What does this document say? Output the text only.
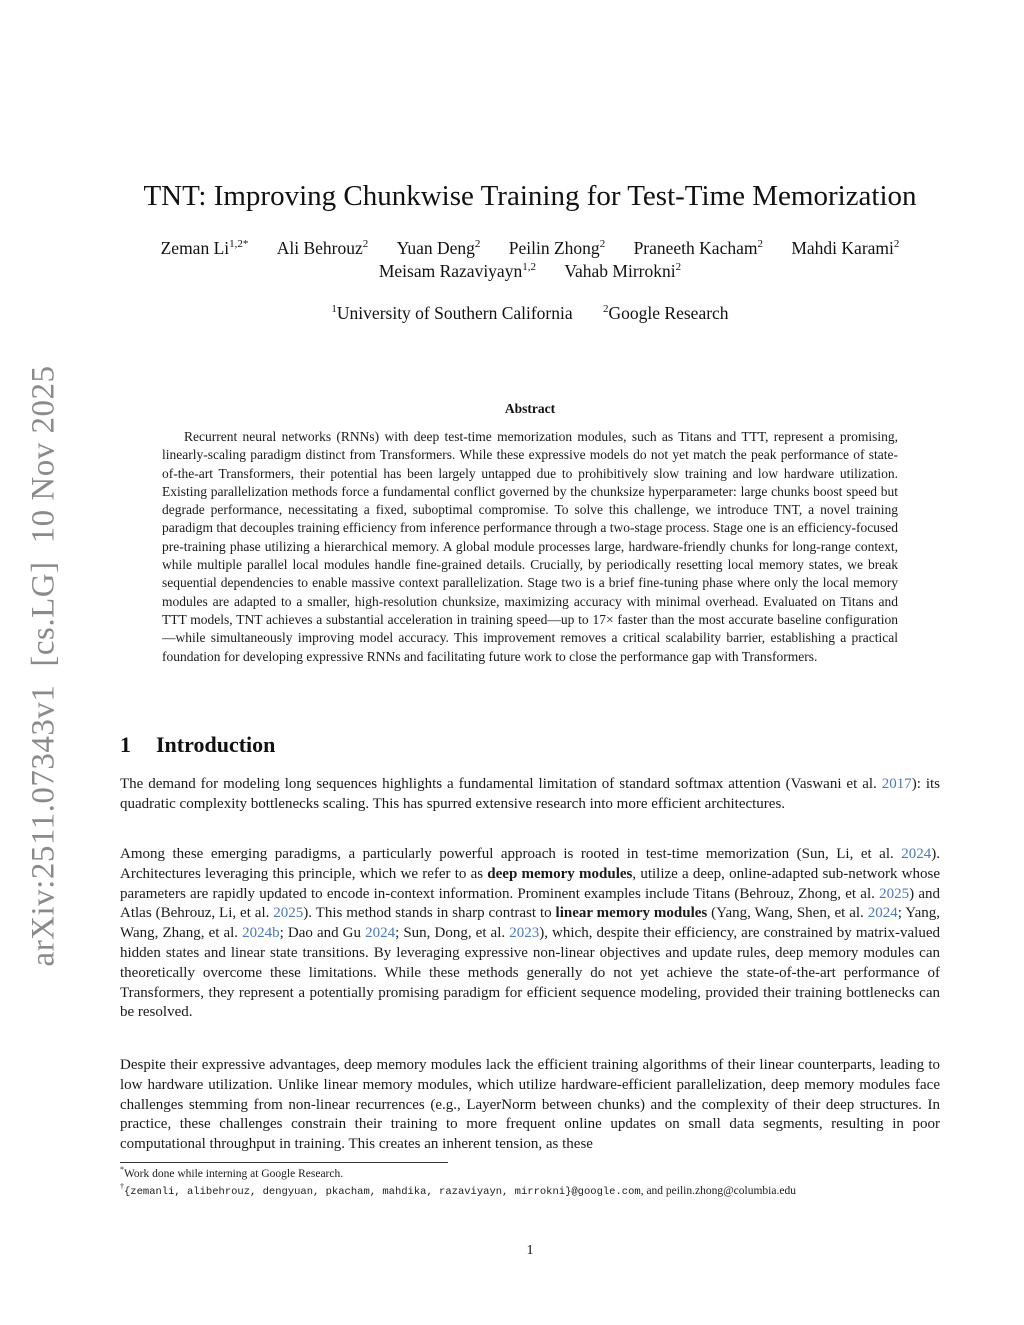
arXiv:2511.07343v1[cs.LG]10 Nov 2025
TNT: Improving Chunkwise Training for Test-Time Memorization
Zeman $Li^{1,2*}$ Ali Behrouz$^2$ Yuan Deng$^2$ Peilin Zhong$^2$ Praneeth Kacham$^2$ Mahdi Karami$^2$
Meisam Razaviyayn$^{1,2}$ Vahab Mirrokni$^2$
$^1$University of Southern California	$^2$Google Research
Abstract
Recurrent neural networks (RNNs) with deep test-time memorization modules, such as Titans and TTT, represent a promising, linearly-scaling paradigm distinct from Transformers. While these expressive models do not yet match the peak performance of state-of-the-art Transformers, their potential has been largely untapped due to prohibitively slow training and low hardware utilization. Existing parallelization methods force a fundamental conflict governed by the chunksize hyperparameter: large chunks boost speed but degrade performance, necessitating a fixed, suboptimal compromise. To solve this challenge, we introduce TNT, a novel training paradigm that decouples training efficiency from inference performance through a two-stage process. Stage one is an efficiency-focused pre-training phase utilizing a hierarchical memory. A global module processes large, hardware-friendly chunks for long-range context, while multiple parallel local modules handle fine-grained details. Crucially, by periodically resetting local memory states, we break sequential dependencies to enable massive context parallelization. Stage two is a brief fine-tuning phase where only the local memory modules are adapted to a smaller, high-resolution chunksize, maximizing accuracy with minimal overhead. Evaluated on Titans and TTT models, TNT achieves a substantial acceleration in training speed—up to 17× faster than the most accurate baseline configuration—while simultaneously improving model accuracy. This improvement removes a critical scalability barrier, establishing a practical foundation for developing expressive RNNs and facilitating future work to close the performance gap with Transformers.
1 Introduction

The demand for modeling long sequences highlights a fundamental limitation of standard softmax attention (Vaswani et al. 2017): its quadratic complexity bottlenecks scaling. This has spurred extensive research into more efficient architectures.

Among these emerging paradigms, a particularly powerful approach is rooted in test-time memorization (Sun, Li, et al. 2024). Architectures leveraging this principle, which we refer to as deep memory modules, utilize a deep, online-adapted sub-network whose parameters are rapidly updated to encode in-context information. Prominent examples include Titans (Behrouz, Zhong, et al. 2025) and Atlas (Behrouz, Li, et al. 2025). This method stands in sharp contrast to linear memory modules (Yang, Wang, Shen, et al. 2024; Yang, Wang, Zhang, et al. 2024b; Dao and Gu 2024; Sun, Dong, et al. 2023), which, despite their efficiency, are constrained by matrix-valued hidden states and linear state transitions. By leveraging expressive non-linear objectives and update rules, deep memory modules can theoretically overcome these limitations. While these methods generally do not yet achieve the state-of-the-art performance of Transformers, they represent a potentially promising paradigm for efficient sequence modeling, provided their training bottlenecks can be resolved.

Despite their expressive advantages, deep memory modules lack the efficient training algorithms of their linear counterparts, leading to low hardware utilization. Unlike linear memory modules, which utilize hardware-efficient parallelization, deep memory modules face challenges stemming from non-linear recurrences (e.g., LayerNorm between chunks) and the complexity of their deep structures. In practice, these challenges constrain their training to more frequent online updates on small data segments, resulting in poor computational throughput in training. This creates an inherent tension, as these

*Work done while interning at Google Research.
†{zemanli, alibehrouz, dengyuan, pkacham, mahdika, razaviyayn, mirrokni}@google.com, and peilin.zhong@columbia.edu
1
